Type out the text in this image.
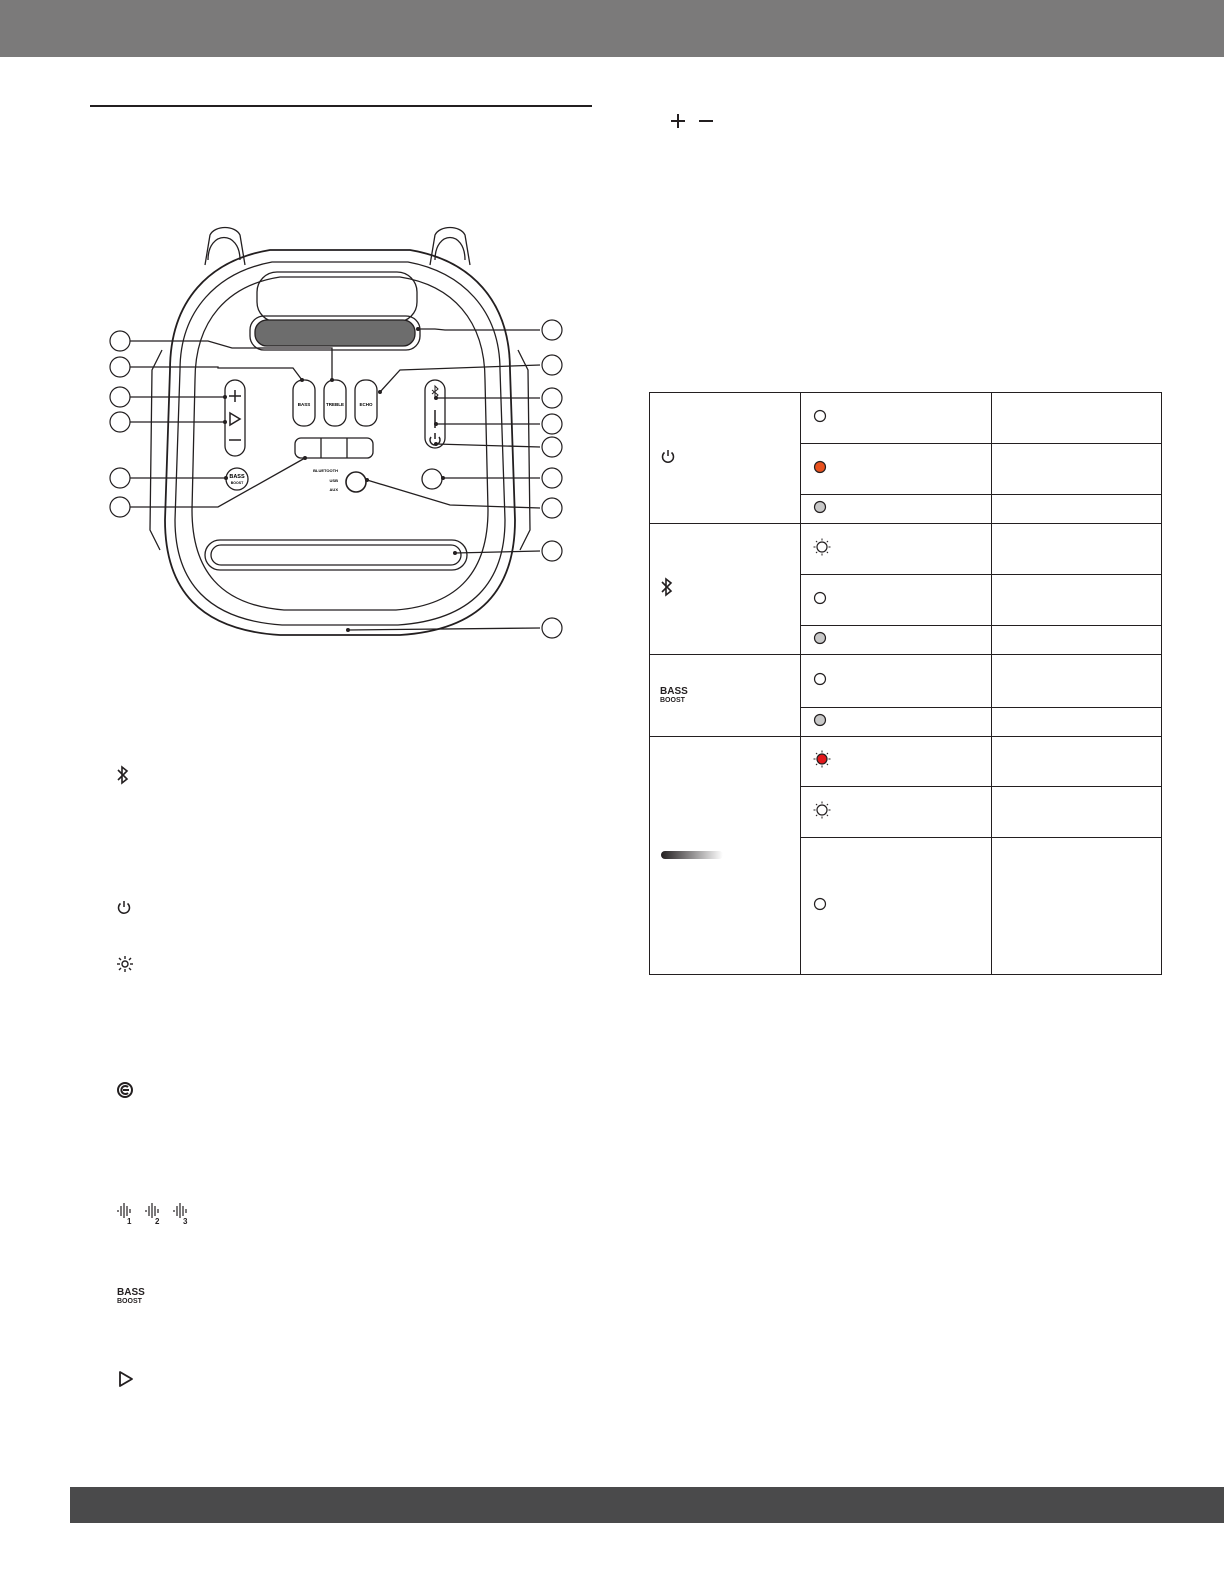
BASS	TREBLE	ECHO
BASS
BOOST
BLUETOOTH
USB
AUX
1	2	3
BASS
BOOST

BASS
BOOST
